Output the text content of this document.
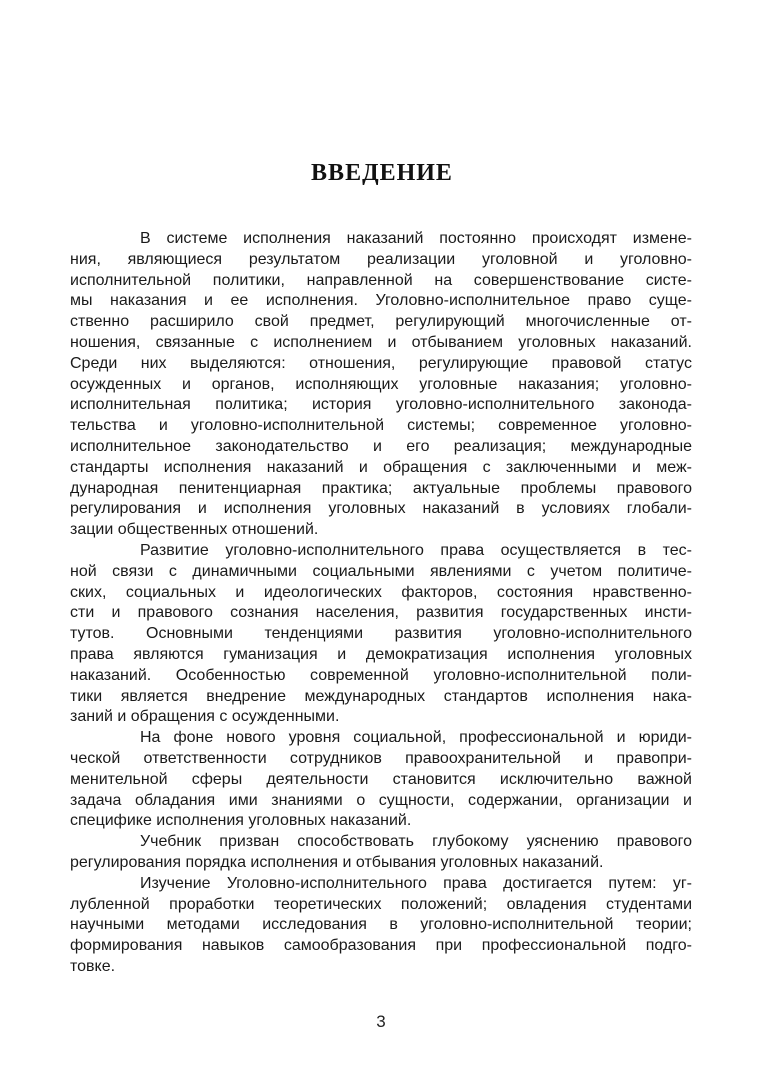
ВВЕДЕНИЕ
В системе исполнения наказаний постоянно происходят измене-
ния, являющиеся результатом реализации уголовной и уголовно-
исполнительной политики, направленной на совершенствование систе-
мы наказания и ее исполнения. Уголовно-исполнительное право суще-
ственно расширило свой предмет, регулирующий многочисленные от-
ношения, связанные с исполнением и отбыванием уголовных наказаний.
Среди них выделяются: отношения, регулирующие правовой статус
осужденных и органов, исполняющих уголовные наказания; уголовно-
исполнительная политика; история уголовно-исполнительного законода-
тельства и уголовно-исполнительной системы; современное уголовно-
исполнительное законодательство и его реализация; международные
стандарты исполнения наказаний и обращения с заключенными и меж-
дународная пенитенциарная практика; актуальные проблемы правового
регулирования и исполнения уголовных наказаний в условиях глобали-
зации общественных отношений.
Развитие уголовно-исполнительного права осуществляется в тес-
ной связи с динамичными социальными явлениями с учетом политиче-
ских, социальных и идеологических факторов, состояния нравственно-
сти и правового сознания населения, развития государственных инсти-
тутов. Основными тенденциями развития уголовно-исполнительного
права являются гуманизация и демократизация исполнения уголовных
наказаний. Особенностью современной уголовно-исполнительной поли-
тики является внедрение международных стандартов исполнения нака-
заний и обращения с осужденными.
На фоне нового уровня социальной, профессиональной и юриди-
ческой ответственности сотрудников правоохранительной и правопри-
менительной сферы деятельности становится исключительно важной
задача обладания ими знаниями о сущности, содержании, организации и
специфике исполнения уголовных наказаний.
Учебник призван способствовать глубокому уяснению правового
регулирования порядка исполнения и отбывания уголовных наказаний.
Изучение Уголовно-исполнительного права достигается путем: уг-
лубленной проработки теоретических положений; овладения студентами
научными методами исследования в уголовно-исполнительной теории;
формирования навыков самообразования при профессиональной подго-
товке.
3
